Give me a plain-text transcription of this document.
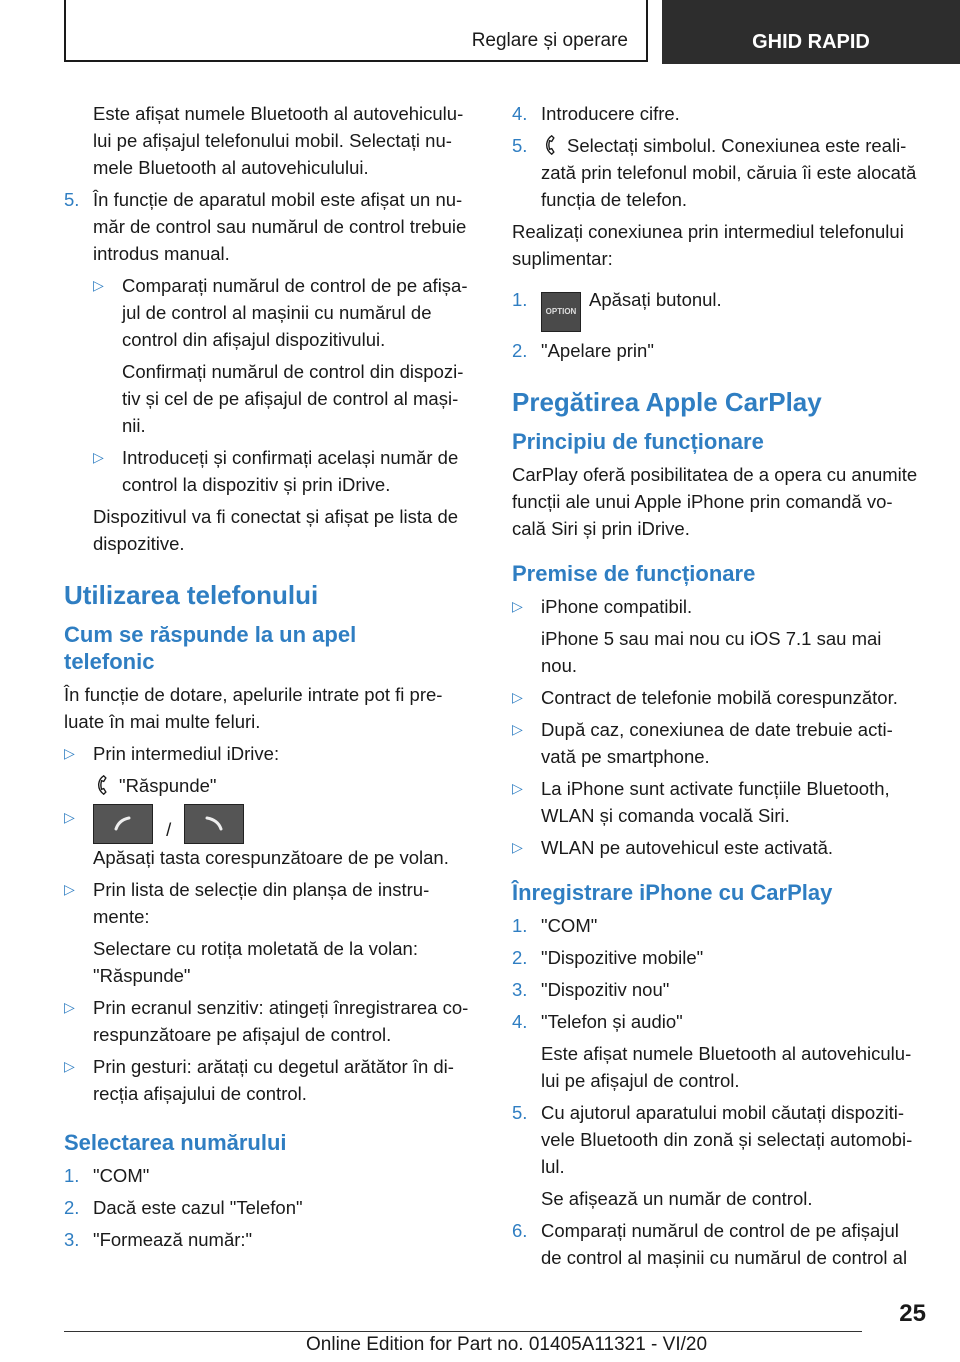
Reglare și operare	GHID RAPID

Este afișat numele Bluetooth al autovehiculu-
lui pe afișajul telefonului mobil. Selectați nu-
mele Bluetooth al autovehiculului.

5. În funcție de aparatul mobil este afișat un nu-
măr de control sau numărul de control trebuie
introdus manual.
▷ Comparați numărul de control de pe afișa-
jul de control al mașinii cu numărul de
control din afișajul dispozitivului.

Confirmați numărul de control din dispozi-
tiv și cel de pe afișajul de control al mași-
nii.

▷ Introduceți și confirmați același număr de
control la dispozitiv și prin iDrive.

Dispozitivul va fi conectat și afișat pe lista de
dispozitive.

Utilizarea telefonului
Cum se răspunde la un apel
telefonic

În funcție de dotare, apelurile intrate pot fi pre-
luate în mai multe feluri.

▷ Prin intermediul iDrive:

"Răspunde"

▷
/

Apăsați tasta corespunzătoare de pe volan.
▷ Prin lista de selecție din planșa de instru-
mente:

Selectare cu rotița moletată de la volan:
"Răspunde"

▷ Prin ecranul senzitiv: atingeți înregistrarea co-
respunzătoare pe afișajul de control.
▷ Prin gesturi: arătați cu degetul arătător în di-
recția afișajului de control.
Selectarea numărului
1. "COM"
2. Dacă este cazul "Telefon"
3. "Formează număr:"
4. Introducere cifre.
5. Selectați simbolul. Conexiunea este reali-
zată prin telefonul mobil, căruia îi este alocată
funcția de telefon.

Realizați conexiunea prin intermediul telefonului
suplimentar:

1.
OPTIONApăsați butonul.
2. "Apelare prin"
Pregătirea Apple CarPlay
Principiu de funcționare

CarPlay oferă posibilitatea de a opera cu anumite
funcții ale unui Apple iPhone prin comandă vo-
cală Siri și prin iDrive.

Premise de funcționare
▷ iPhone compatibil.

iPhone 5 sau mai nou cu iOS 7.1 sau mai
nou.

▷ Contract de telefonie mobilă corespunzător.
▷ După caz, conexiunea de date trebuie acti-
vată pe smartphone.
▷ La iPhone sunt activate funcțiile Bluetooth,
WLAN și comanda vocală Siri.
▷ WLAN pe autovehicul este activată.
Înregistrare iPhone cu CarPlay
1. "COM"
2. "Dispozitive mobile"
3. "Dispozitiv nou"
4. "Telefon și audio"

Este afișat numele Bluetooth al autovehiculu-
lui pe afișajul de control.

5. Cu ajutorul aparatului mobil căutați dispoziti-
vele Bluetooth din zonă și selectați automobi-
lul.

Se afișează un număr de control.

6. Comparați numărul de control de pe afișajul
de control al mașinii cu numărul de control al
25
Online Edition for Part no. 01405A11321 - VI/20
